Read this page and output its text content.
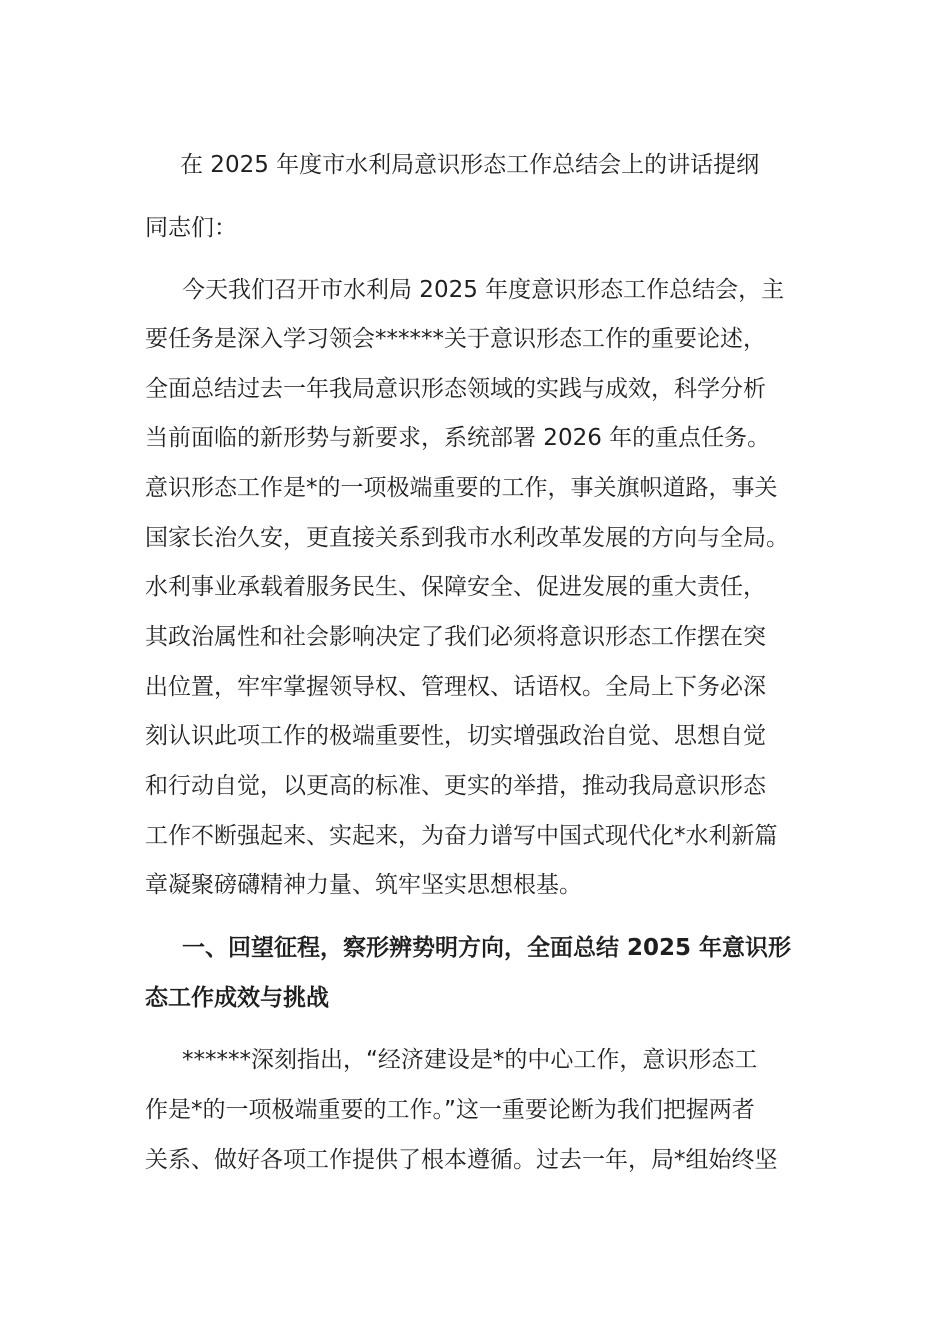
在 2025 年度市水利局意识形态工作总结会上的讲话提纲

同志们：

今天我们召开市水利局 2025 年度意识形态工作总结会，主

要任务是深入学习领会******关于意识形态工作的重要论述，

全面总结过去一年我局意识形态领域的实践与成效，科学分析

当前面临的新形势与新要求，系统部署 2026 年的重点任务。

意识形态工作是*的一项极端重要的工作，事关旗帜道路，事关

国家长治久安，更直接关系到我市水利改革发展的方向与全局。

水利事业承载着服务民生、保障安全、促进发展的重大责任，

其政治属性和社会影响决定了我们必须将意识形态工作摆在突

出位置，牢牢掌握领导权、管理权、话语权。全局上下务必深

刻认识此项工作的极端重要性，切实增强政治自觉、思想自觉

和行动自觉，以更高的标准、更实的举措，推动我局意识形态

工作不断强起来、实起来，为奋力谱写中国式现代化*水利新篇

章凝聚磅礴精神力量、筑牢坚实思想根基。

一、回望征程，察形辨势明方向，全面总结 2025 年意识形

态工作成效与挑战

******深刻指出，“经济建设是*的中心工作，意识形态工

作是*的一项极端重要的工作。”这一重要论断为我们把握两者

关系、做好各项工作提供了根本遵循。过去一年，局*组始终坚
